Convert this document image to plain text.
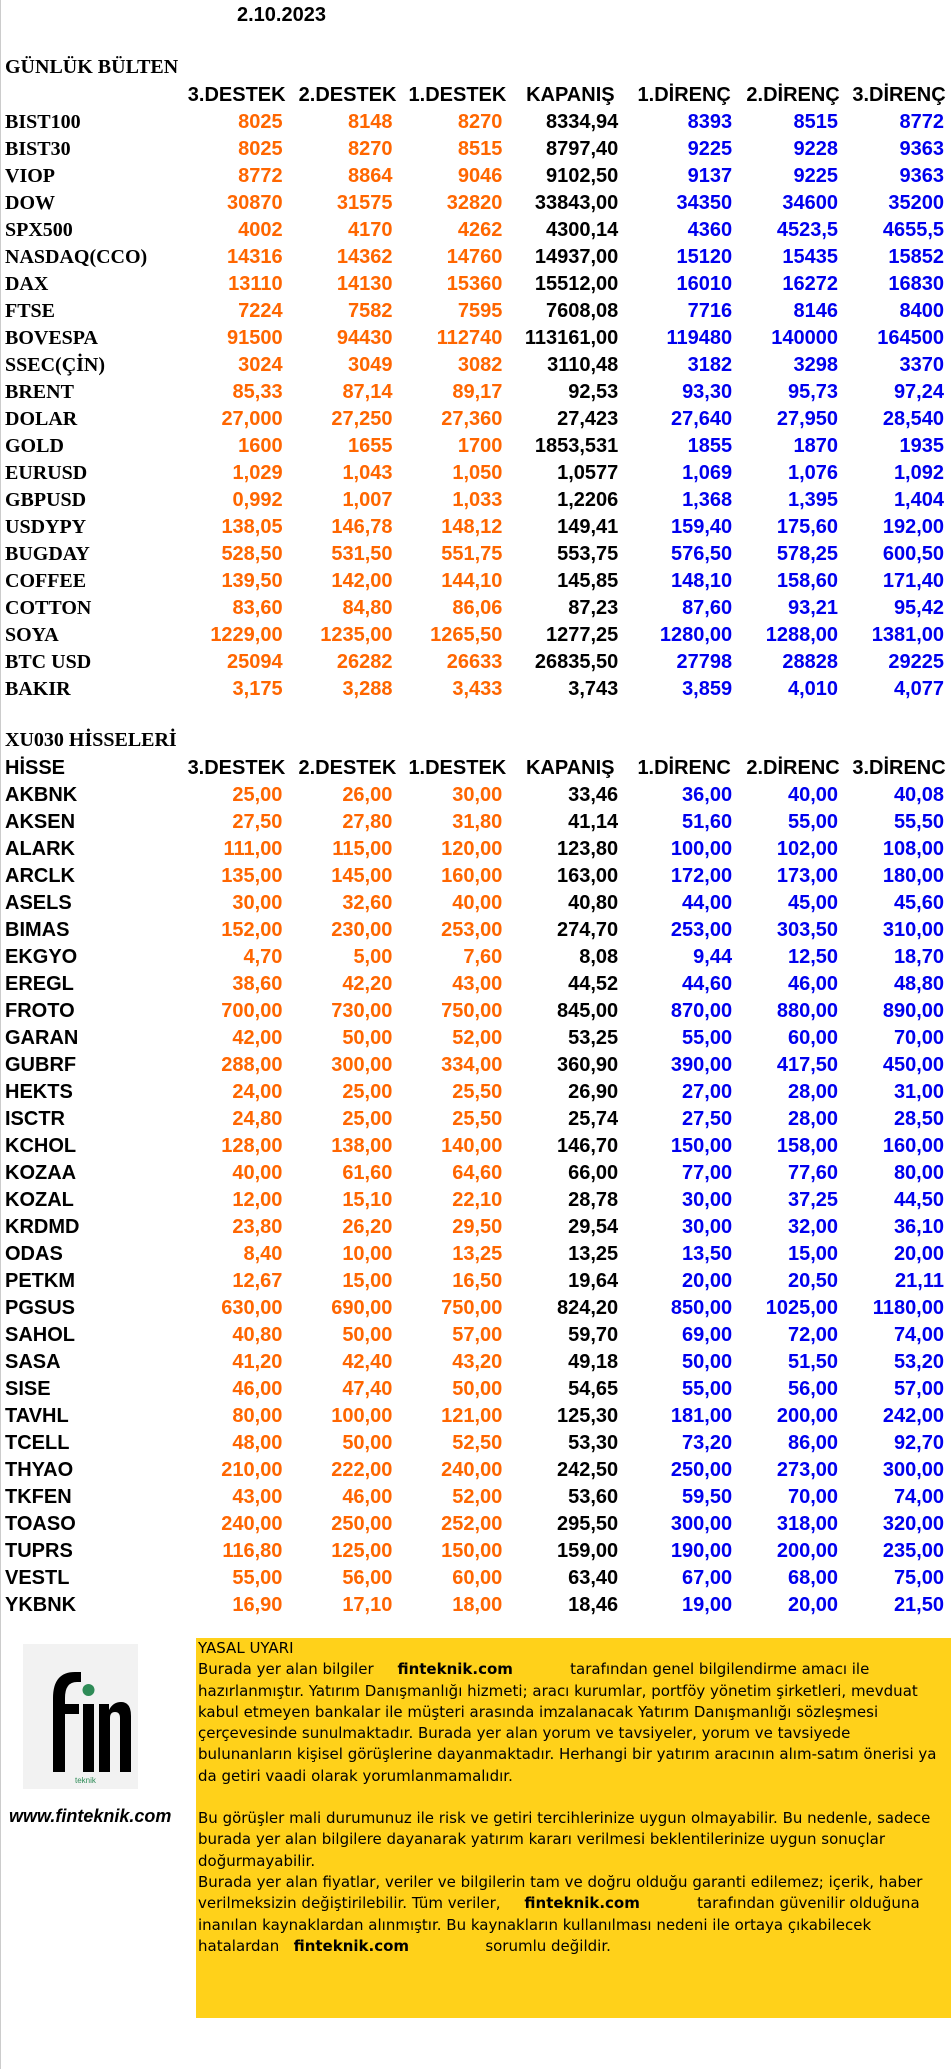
2.10.2023
GÜNLÜK BÜLTEN
	3.DESTEK	2.DESTEK	1.DESTEK	KAPANIŞ	1.DİRENÇ	2.DİRENÇ	3.DİRENÇ
BIST100	8025	8148	8270	8334,94	8393	8515	8772
BIST30	8025	8270	8515	8797,40	9225	9228	9363
VIOP	8772	8864	9046	9102,50	9137	9225	9363
DOW	30870	31575	32820	33843,00	34350	34600	35200
SPX500	4002	4170	4262	4300,14	4360	4523,5	4655,5
NASDAQ(CCO)	14316	14362	14760	14937,00	15120	15435	15852
DAX	13110	14130	15360	15512,00	16010	16272	16830
FTSE	7224	7582	7595	7608,08	7716	8146	8400
BOVESPA	91500	94430	112740	113161,00	119480	140000	164500
SSEC(ÇİN)	3024	3049	3082	3110,48	3182	3298	3370
BRENT	85,33	87,14	89,17	92,53	93,30	95,73	97,24
DOLAR	27,000	27,250	27,360	27,423	27,640	27,950	28,540
GOLD	1600	1655	1700	1853,531	1855	1870	1935
EURUSD	1,029	1,043	1,050	1,0577	1,069	1,076	1,092
GBPUSD	0,992	1,007	1,033	1,2206	1,368	1,395	1,404
USDYPY	138,05	146,78	148,12	149,41	159,40	175,60	192,00
BUGDAY	528,50	531,50	551,75	553,75	576,50	578,25	600,50
COFFEE	139,50	142,00	144,10	145,85	148,10	158,60	171,40
COTTON	83,60	84,80	86,06	87,23	87,60	93,21	95,42
SOYA	1229,00	1235,00	1265,50	1277,25	1280,00	1288,00	1381,00
BTC USD	25094	26282	26633	26835,50	27798	28828	29225
BAKIR	3,175	3,288	3,433	3,743	3,859	4,010	4,077
XU030 HİSSELERİ
HİSSE	3.DESTEK	2.DESTEK	1.DESTEK	KAPANIŞ	1.DİRENC	2.DİRENC	3.DİRENC
AKBNK	25,00	26,00	30,00	33,46	36,00	40,00	40,08
AKSEN	27,50	27,80	31,80	41,14	51,60	55,00	55,50
ALARK	111,00	115,00	120,00	123,80	100,00	102,00	108,00
ARCLK	135,00	145,00	160,00	163,00	172,00	173,00	180,00
ASELS	30,00	32,60	40,00	40,80	44,00	45,00	45,60
BIMAS	152,00	230,00	253,00	274,70	253,00	303,50	310,00
EKGYO	4,70	5,00	7,60	8,08	9,44	12,50	18,70
EREGL	38,60	42,20	43,00	44,52	44,60	46,00	48,80
FROTO	700,00	730,00	750,00	845,00	870,00	880,00	890,00
GARAN	42,00	50,00	52,00	53,25	55,00	60,00	70,00
GUBRF	288,00	300,00	334,00	360,90	390,00	417,50	450,00
HEKTS	24,00	25,00	25,50	26,90	27,00	28,00	31,00
ISCTR	24,80	25,00	25,50	25,74	27,50	28,00	28,50
KCHOL	128,00	138,00	140,00	146,70	150,00	158,00	160,00
KOZAA	40,00	61,60	64,60	66,00	77,00	77,60	80,00
KOZAL	12,00	15,10	22,10	28,78	30,00	37,25	44,50
KRDMD	23,80	26,20	29,50	29,54	30,00	32,00	36,10
ODAS	8,40	10,00	13,25	13,25	13,50	15,00	20,00
PETKM	12,67	15,00	16,50	19,64	20,00	20,50	21,11
PGSUS	630,00	690,00	750,00	824,20	850,00	1025,00	1180,00
SAHOL	40,80	50,00	57,00	59,70	69,00	72,00	74,00
SASA	41,20	42,40	43,20	49,18	50,00	51,50	53,20
SISE	46,00	47,40	50,00	54,65	55,00	56,00	57,00
TAVHL	80,00	100,00	121,00	125,30	181,00	200,00	242,00
TCELL	48,00	50,00	52,50	53,30	73,20	86,00	92,70
THYAO	210,00	222,00	240,00	242,50	250,00	273,00	300,00
TKFEN	43,00	46,00	52,00	53,60	59,50	70,00	74,00
TOASO	240,00	250,00	252,00	295,50	300,00	318,00	320,00
TUPRS	116,80	125,00	150,00	159,00	190,00	200,00	235,00
VESTL	55,00	56,00	60,00	63,40	67,00	68,00	75,00
YKBNK	16,90	17,10	18,00	18,46	19,00	20,00	21,50
teknik
www.finteknik.com

YASAL UYARI

Burada yer alan bilgiler finteknik.com	tarafından genel bilgilendirme amacı ile hazırlanmıştır. Yatırım Danışmanlığı hizmeti; aracı kurumlar, portföy yönetim şirketleri, mevduat kabul etmeyen bankalar ile müşteri arasında imzalanacak Yatırım Danışmanlığı sözleşmesi çerçevesinde sunulmaktadır. Burada yer alan yorum ve tavsiyeler, yorum ve tavsiyede bulunanların kişisel görüşlerine dayanmaktadır. Herhangi bir yatırım aracının alım-satım önerisi ya da getiri vaadi olarak yorumlanmamalıdır.

Bu görüşler mali durumunuz ile risk ve getiri tercihlerinize uygun olmayabilir. Bu nedenle, sadece burada yer alan bilgilere dayanarak yatırım kararı verilmesi beklentilerinize uygun sonuçlar doğurmayabilir.

Burada yer alan fiyatlar, veriler ve bilgilerin tam ve doğru olduğu garanti edilemez; içerik, haber verilmeksizin değiştirilebilir. Tüm veriler, finteknik.com	tarafından güvenilir olduğuna inanılan kaynaklardan alınmıştır. Bu kaynakların kullanılması nedeni ile ortaya çıkabilecek hatalardan finteknik.com	sorumlu değildir.
